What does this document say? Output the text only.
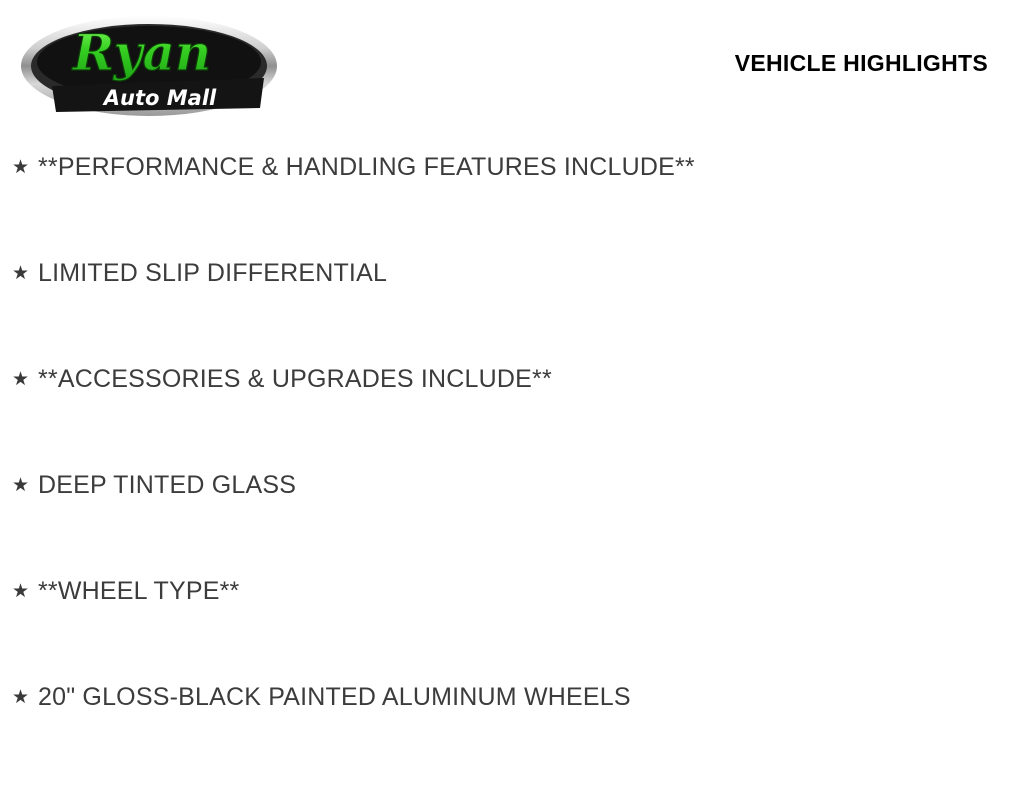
Ryan
Auto Mall
VEHICLE HIGHLIGHTS
★ **PERFORMANCE & HANDLING FEATURES INCLUDE**
★ LIMITED SLIP DIFFERENTIAL
★ **ACCESSORIES & UPGRADES INCLUDE**
★ DEEP TINTED GLASS
★ **WHEEL TYPE**
★ 20" GLOSS-BLACK PAINTED ALUMINUM WHEELS
